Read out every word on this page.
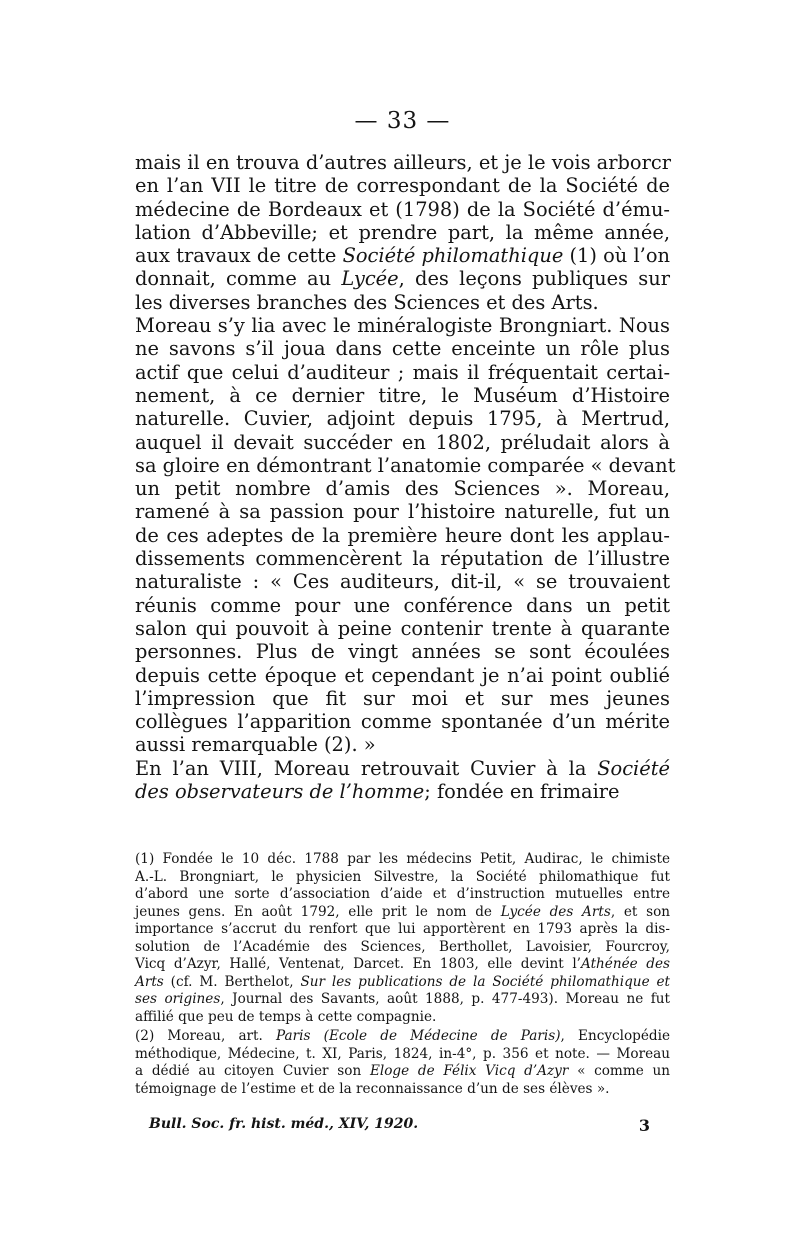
— 33 —
mais il en trouva d’autres ailleurs, et je le vois arborcr
en l’an VII le titre de correspondant de la Société de
médecine de Bordeaux et (1798) de la Société d’ému-
lation d’Abbeville; et prendre part, la même année,
aux travaux de cette Société philomathique (1) où l’on
donnait, comme au Lycée, des leçons publiques sur
les diverses branches des Sciences et des Arts.
Moreau s’y lia avec le minéralogiste Brongniart. Nous
ne savons s’il joua dans cette enceinte un rôle plus
actif que celui d’auditeur ; mais il fréquentait certai-
nement, à ce dernier titre, le Muséum d’Histoire
naturelle. Cuvier, adjoint depuis 1795, à Mertrud,
auquel il devait succéder en 1802, préludait alors à
sa gloire en démontrant l’anatomie comparée « devant
un petit nombre d’amis des Sciences ». Moreau,
ramené à sa passion pour l’histoire naturelle, fut un
de ces adeptes de la première heure dont les applau-
dissements commencèrent la réputation de l’illustre
naturaliste : « Ces auditeurs, dit-il, « se trouvaient
réunis comme pour une conférence dans un petit
salon qui pouvoit à peine contenir trente à quarante
personnes. Plus de vingt années se sont écoulées
depuis cette époque et cependant je n’ai point oublié
l’impression que fit sur moi et sur mes jeunes
collègues l’apparition comme spontanée d’un mérite
aussi remarquable (2). »
En l’an VIII, Moreau retrouvait Cuvier à la Société
des observateurs de l’homme; fondée en frimaire
(1) Fondée le 10 déc. 1788 par les médecins Petit, Audirac, le chimiste
A.-L. Brongniart, le physicien Silvestre, la Société philomathique fut
d’abord une sorte d’association d’aide et d’instruction mutuelles entre
jeunes gens. En août 1792, elle prit le nom de Lycée des Arts, et son
importance s’accrut du renfort que lui apportèrent en 1793 après la dis-
solution de l’Académie des Sciences, Berthollet, Lavoisier, Fourcroy,
Vicq d’Azyr, Hallé, Ventenat, Darcet. En 1803, elle devint l’Athénée des
Arts (cf. M. Berthelot, Sur les publications de la Société philomathique et
ses origines, Journal des Savants, août 1888, p. 477-493). Moreau ne fut
affilié que peu de temps à cette compagnie.
(2) Moreau, art. Paris (Ecole de Médecine de Paris), Encyclopédie
méthodique, Médecine, t. XI, Paris, 1824, in-4°, p. 356 et note. — Moreau
a dédié au citoyen Cuvier son Eloge de Félix Vicq d’Azyr « comme un
témoignage de l’estime et de la reconnaissance d’un de ses élèves ».
Bull. Soc. fr. hist. méd., XIV, 1920.	3
